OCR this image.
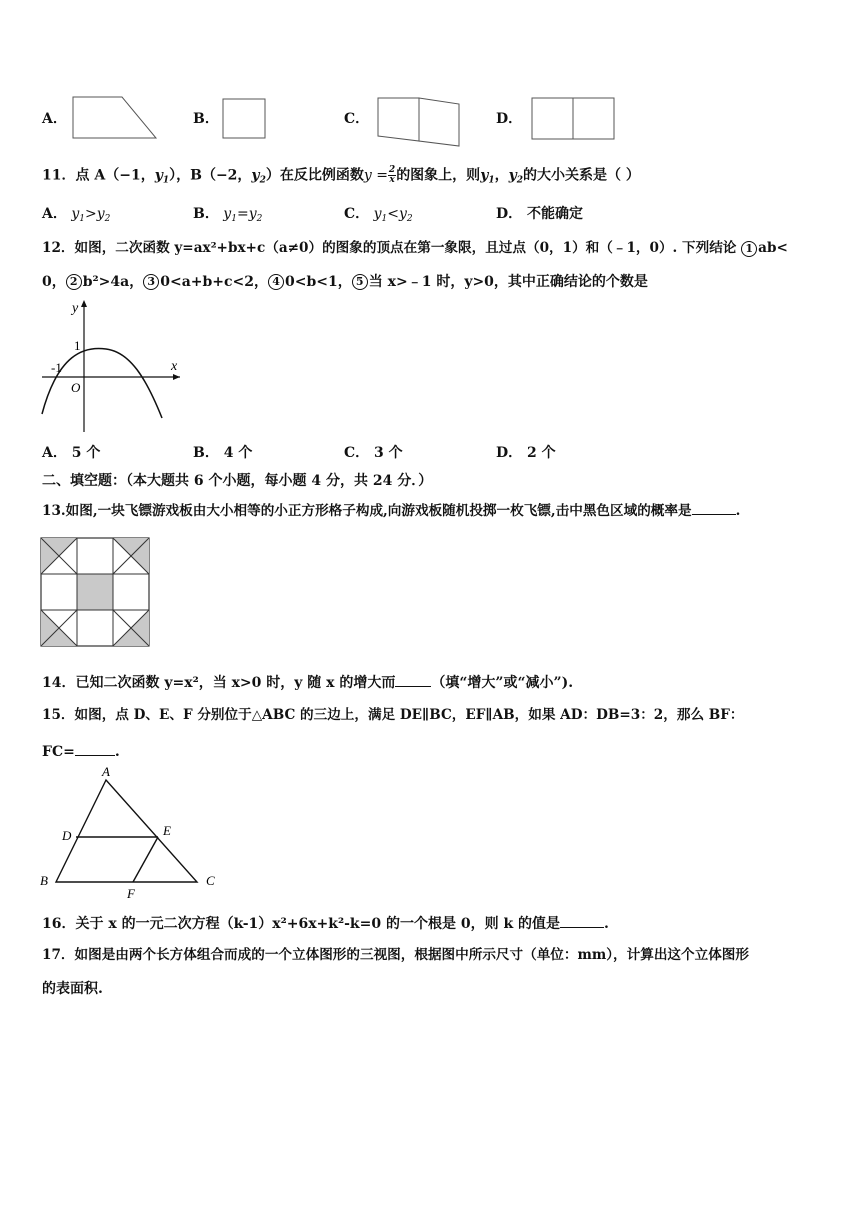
A．	B．	C．	D．
11．点 A（−1，$y_1$），B（−2，$y_2$）在反比例函数$y = \frac{2}{x}$ 的图象上，则$y_1$，$y_2$的大小关系是（ ）
A． $y_1>y_2$	B． $y_1=y_2$	C． $y_1<y_2$	D． 不能确定
12．如图，二次函数 y=ax²+bx+c（a≠0）的图象的顶点在第一象限，且过点（0，1）和（﹣1，0）. 下列结论 1 ab<
0， 2 b²>4a， 3 0<a+b+c<2， 4 0<b<1， 5 当 x>﹣1 时，y>0，其中正确结论的个数是
y
x
1
-1
O
A． 5 个	B． 4 个	C． 3 个	D． 2 个
二、填空题：（本大题共 6 个小题，每小题 4 分，共 24 分．）
13.如图,一块飞镖游戏板由大小相等的小正方形格子构成,向游戏板随机投掷一枚飞镖,击中黑色区域的概率是	.
14．已知二次函数 y=x²，当 x>0 时，y 随 x 的增大而	（填“增大”或“减小”).
15．如图，点 D、E、F 分别位于△ABC 的三边上，满足 DE∥BC，EF∥AB，如果 AD：DB=3：2，那么 BF：
FC=	.
A
B	C
D	E
F
16．关于 x 的一元二次方程（k-1）x²+6x+k²-k=0 的一个根是 0，则 k 的值是	.
17．如图是由两个长方体组合而成的一个立体图形的三视图，根据图中所示尺寸（单位：mm），计算出这个立体图形
的表面积.
